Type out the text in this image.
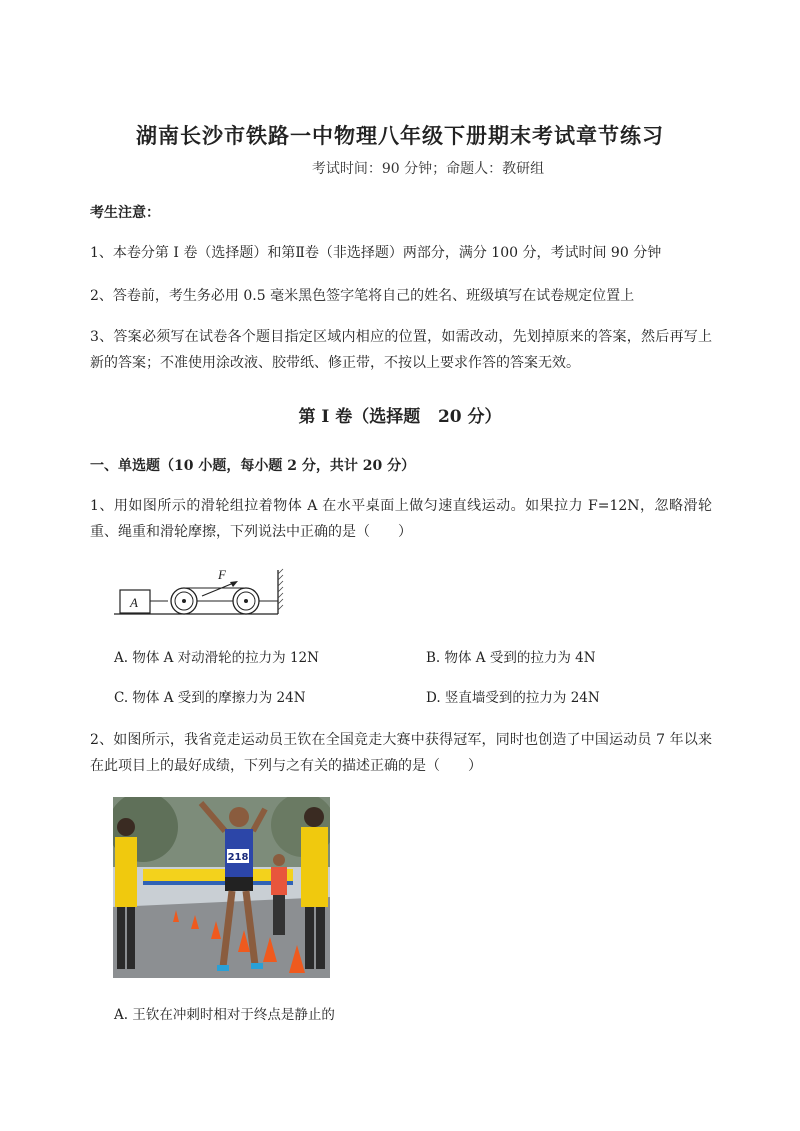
湖南长沙市铁路一中物理八年级下册期末考试章节练习
考试时间：90 分钟；命题人：教研组
考生注意：
1、本卷分第 I 卷（选择题）和第Ⅱ卷（非选择题）两部分，满分 100 分，考试时间 90 分钟
2、答卷前，考生务必用 0.5 毫米黑色签字笔将自己的姓名、班级填写在试卷规定位置上
3、答案必须写在试卷各个题目指定区域内相应的位置，如需改动，先划掉原来的答案，然后再写上新的答案；不准使用涂改液、胶带纸、修正带，不按以上要求作答的答案无效。
第 I 卷（选择题   20 分）
一、单选题（10 小题，每小题 2 分，共计 20 分）
1、用如图所示的滑轮组拉着物体 A 在水平桌面上做匀速直线运动。如果拉力 F=12N，忽略滑轮重、绳重和滑轮摩擦，下列说法中正确的是（　　）
A
F
A. 物体 A 对动滑轮的拉力为 12N	B. 物体 A 受到的拉力为 4N
C. 物体 A 受到的摩擦力为 24N	D. 竖直墙受到的拉力为 24N
2、如图所示，我省竞走运动员王钦在全国竞走大赛中获得冠军，同时也创造了中国运动员 7 年以来在此项目上的最好成绩，下列与之有关的描述正确的是（　　）
218
A. 王钦在冲刺时相对于终点是静止的
